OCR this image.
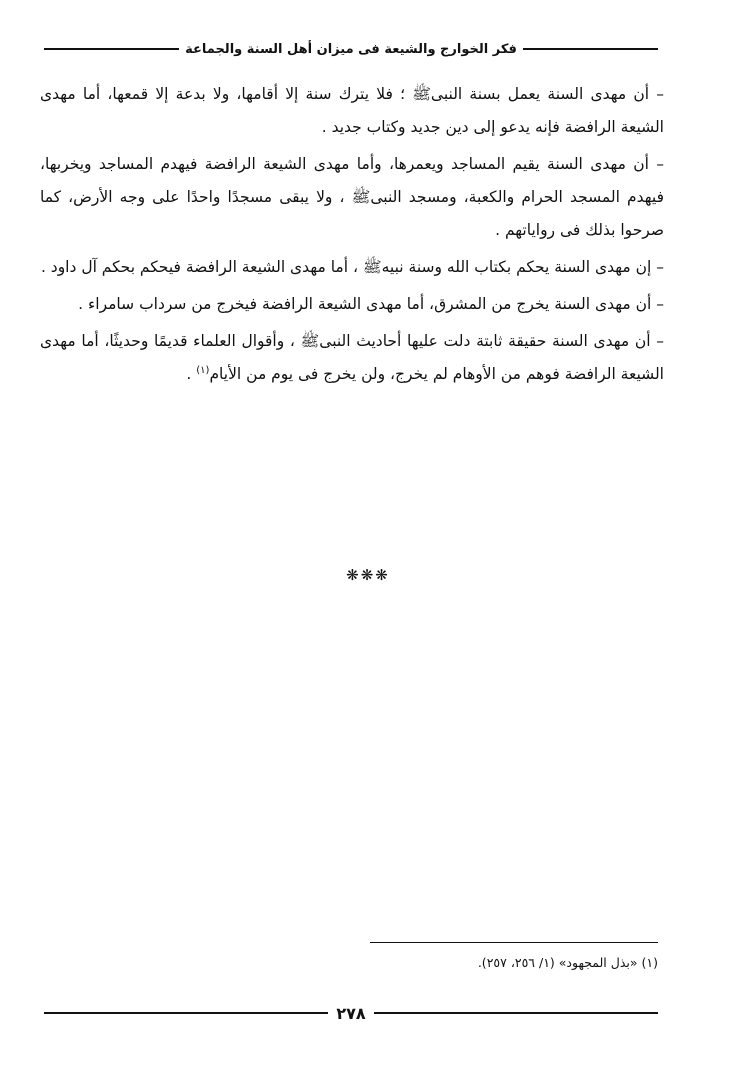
فكر الخوارج والشيعة فى ميزان أهل السنة والجماعة

– أن مهدى السنة يعمل بسنة النبىﷺ ؛ فلا يترك سنة إلا أقامها، ولا بدعة إلا قمعها، أما مهدى الشيعة الرافضة فإنه يدعو إلى دين جديد وكتاب جديد .

– أن مهدى السنة يقيم المساجد ويعمرها، وأما مهدى الشيعة الرافضة فيهدم المساجد ويخربها، فيهدم المسجد الحرام والكعبة، ومسجد النبىﷺ ، ولا يبقى مسجدًا واحدًا على وجه الأرض، كما صرحوا بذلك فى رواياتهم .

– إن مهدى السنة يحكم بكتاب الله وسنة نبيهﷺ ، أما مهدى الشيعة الرافضة فيحكم بحكم آل داود .

– أن مهدى السنة يخرج من المشرق، أما مهدى الشيعة الرافضة فيخرج من سرداب سامراء .

– أن مهدى السنة حقيقة ثابتة دلت عليها أحاديث النبىﷺ ، وأقوال العلماء قديمًا وحديثًا، أما مهدى الشيعة الرافضة فوهم من الأوهام لم يخرج، ولن يخرج فى يوم من الأيام$^{(١)}$ .

❋❋❋
(١) «بذل المجهود» (١/ ٢٥٦، ٢٥٧).
٢٧٨
